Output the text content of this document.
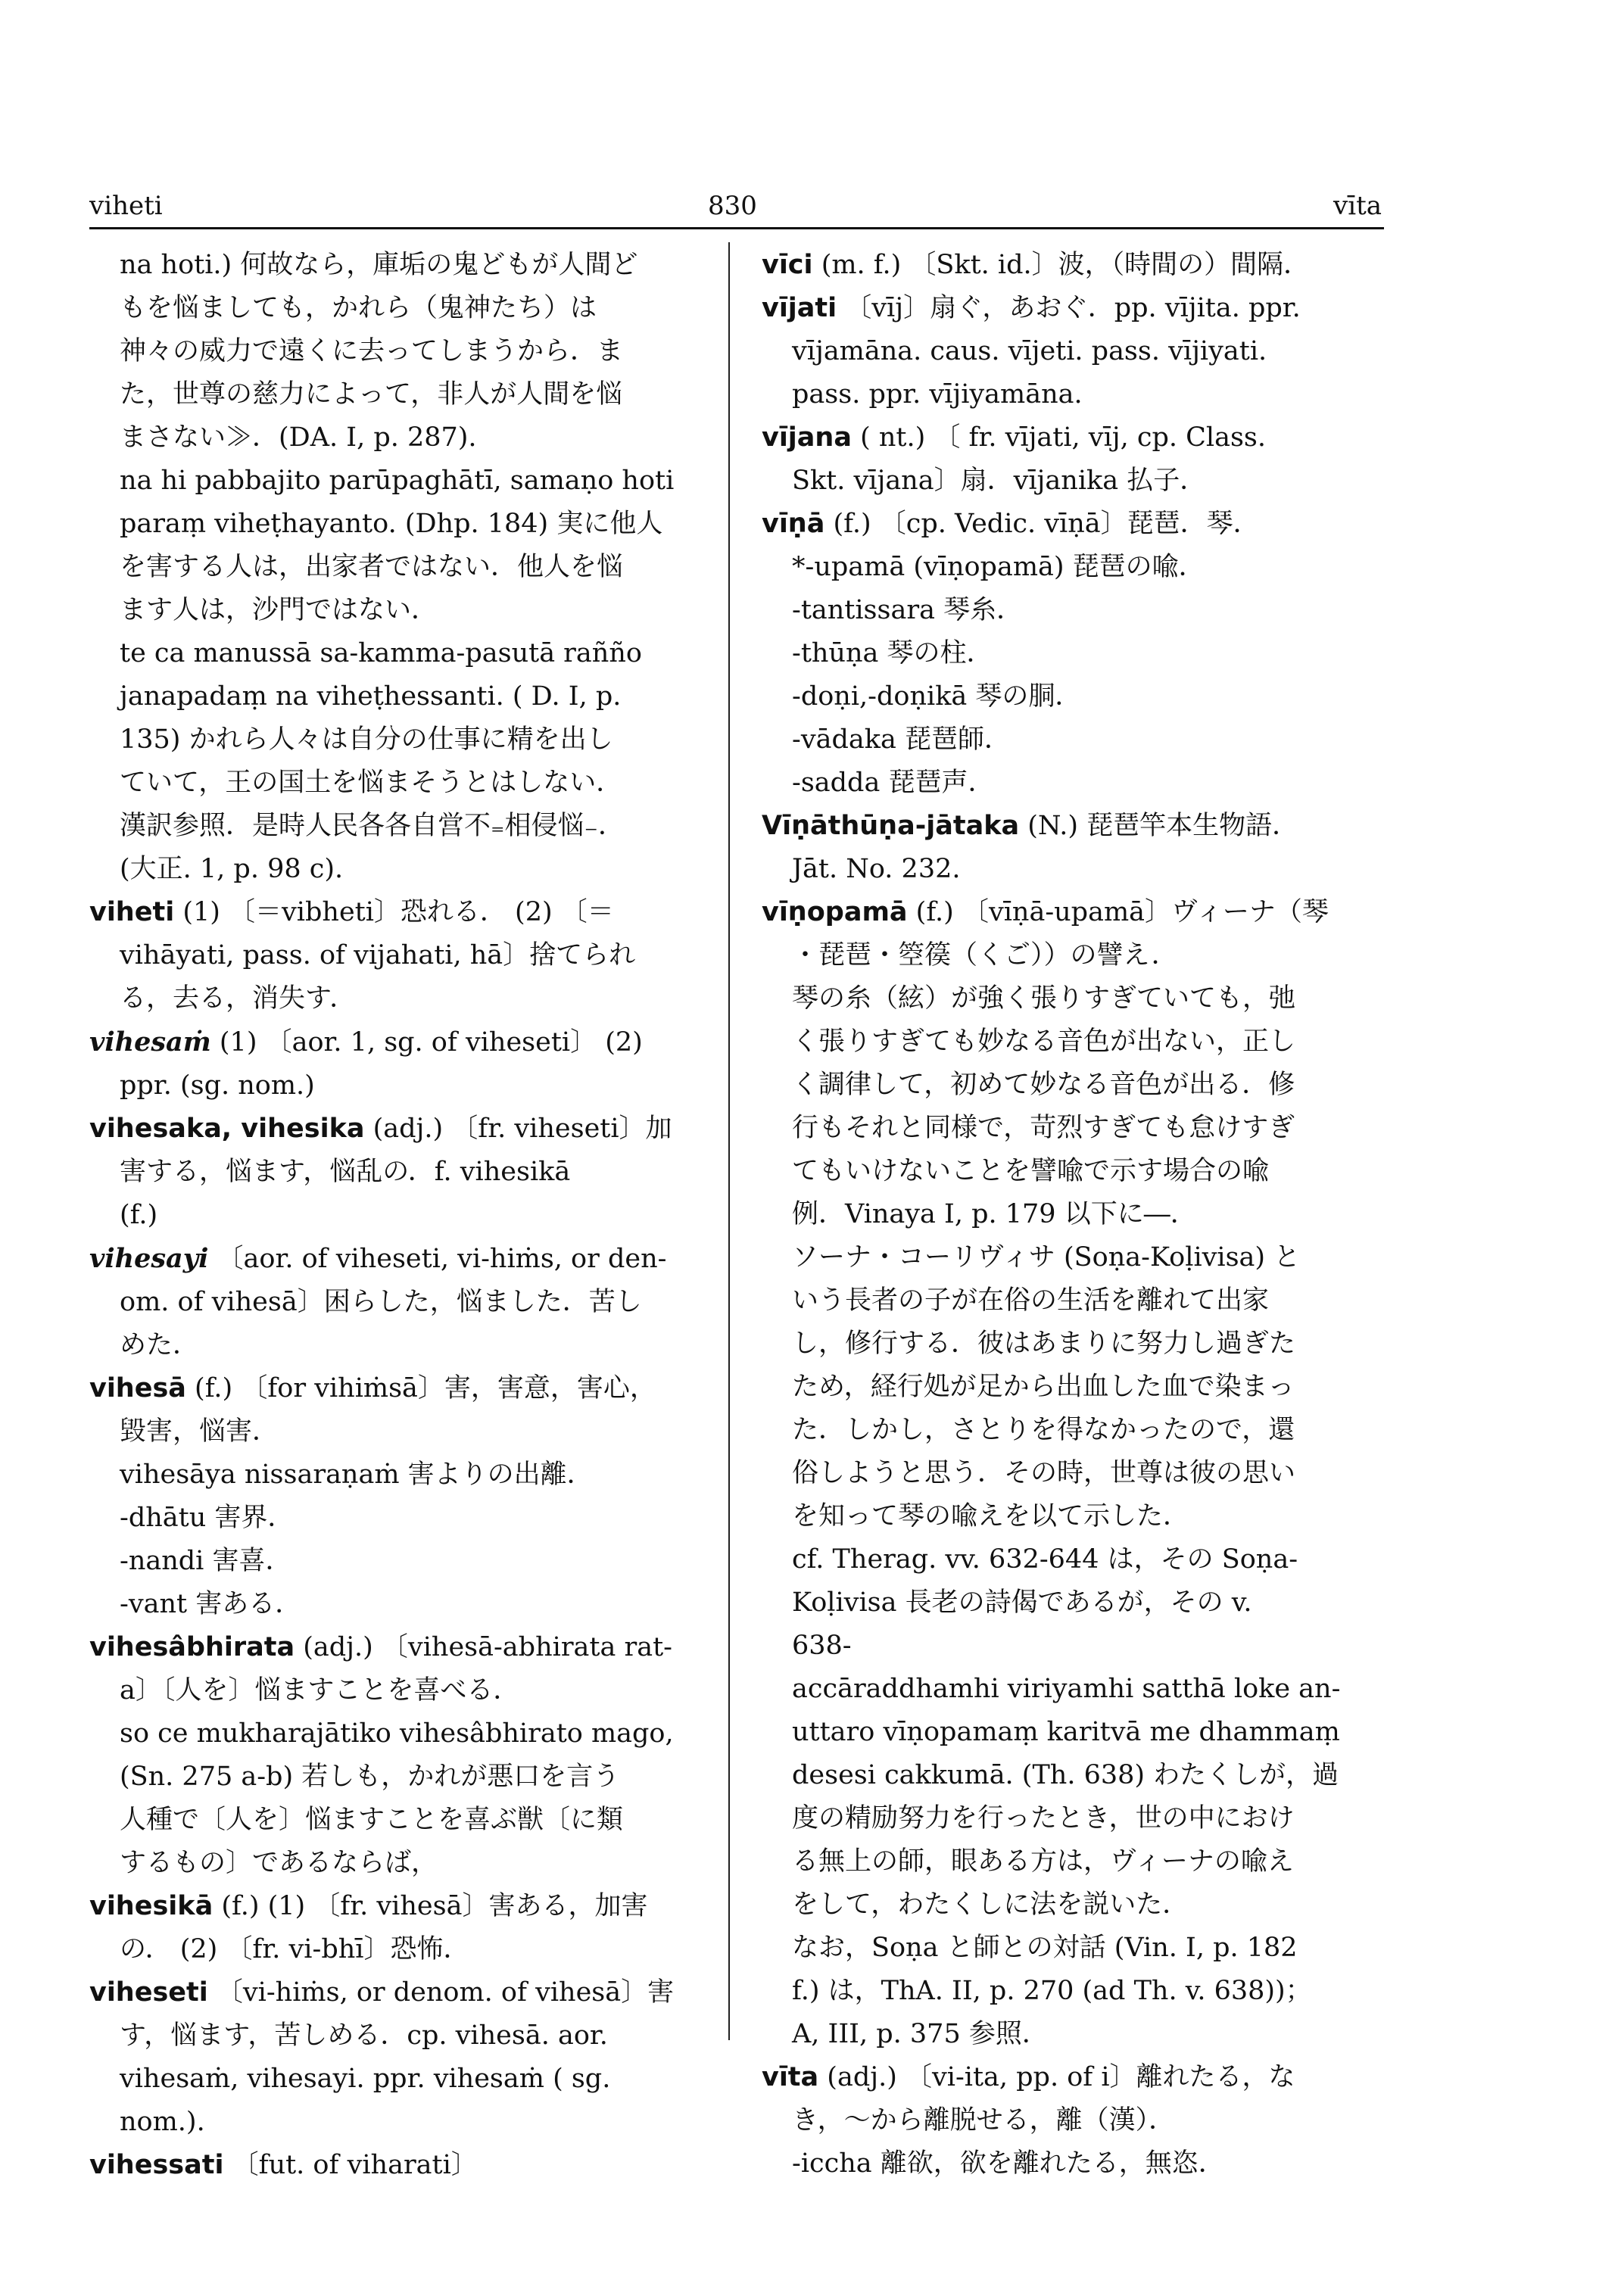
viheti	830	vīta

na hoti.) 何故なら，庫垢の鬼どもが人間ど

もを悩ましても，かれら（鬼神たち）は

神々の威力で遠くに去ってしまうから．ま

た，世尊の慈力によって，非人が人間を悩

まさない≫．(DA. I, p. 287).

na hi pabbajito parūpaghātī, samaṇo hoti

paraṃ viheṭhayanto. (Dhp. 184) 実に他人

を害する人は，出家者ではない．他人を悩

ます人は，沙門ではない．

te ca manussā sa-kamma-pasutā rañño

janapadaṃ na viheṭhessanti. ( D. I, p.

135) かれら人々は自分の仕事に精を出し

ていて，王の国土を悩まそうとはしない．

漢訳参照．是時人民各各自営不₌相侵悩₋．

(大正. 1, p. 98 c).

viheti (1) 〔＝vibheti〕恐れる． (2) 〔＝

vihāyati, pass. of vijahati, hā〕捨てられ

る，去る，消失す．

vihesaṁ (1) 〔aor. 1, sg. of viheseti〕 (2)

ppr. (sg. nom.)

vihesaka, vihesika (adj.) 〔fr. viheseti〕加

害する，悩ます，悩乱の．f. vihesikā

(f.)

vihesayi 〔aor. of viheseti, vi-hiṁs, or den-

om. of vihesā〕困らした，悩ました．苦し

めた．

vihesā (f.) 〔for vihiṁsā〕害，害意，害心，

毀害，悩害．

vihesāya nissaraṇaṁ 害よりの出離．

-dhātu 害界．

-nandi 害喜．

-vant 害ある．

vihesâbhirata (adj.) 〔vihesā-abhirata rat-

a〕〔人を〕悩ますことを喜べる．

so ce mukharajātiko vihesâbhirato mago,

(Sn. 275 a-b) 若しも，かれが悪口を言う

人種で〔人を〕悩ますことを喜ぶ獣〔に類

するもの〕であるならば，

vihesikā (f.) (1) 〔fr. vihesā〕害ある，加害

の． (2) 〔fr. vi-bhī〕恐怖．

viheseti 〔vi-hiṁs, or denom. of vihesā〕害

す，悩ます，苦しめる．cp. vihesā. aor.

vihesaṁ, vihesayi. ppr. vihesaṁ ( sg.

nom.).

vihessati 〔fut. of viharati〕

vīci (m. f.) 〔Skt. id.〕波，（時間の）間隔．

vījati 〔vīj〕扇ぐ，あおぐ．pp. vījita. ppr.

vījamāna. caus. vījeti. pass. vījiyati.

pass. ppr. vījiyamāna.

vījana ( nt.) 〔 fr. vījati, vīj, cp. Class.

Skt. vījana〕扇．vījanika 払子．

vīṇā (f.) 〔cp. Vedic. vīṇā〕琵琶．琴．

*-upamā (vīṇopamā) 琵琶の喩．

-tantissara 琴糸．

-thūṇa 琴の柱．

-doṇi,-doṇikā 琴の胴．

-vādaka 琵琶師．

-sadda 琵琶声．

Vīṇāthūṇa-jātaka (N.) 琵琶竿本生物語．

Jāt. No. 232.

vīṇopamā (f.) 〔vīṇā-upamā〕ヴィーナ（琴

・琵琶・箜篌（くご））の譬え．

琴の糸（絃）が強く張りすぎていても，弛

く張りすぎても妙なる音色が出ない，正し

く調律して，初めて妙なる音色が出る．修

行もそれと同様で，苛烈すぎても怠けすぎ

てもいけないことを譬喩で示す場合の喩

例．Vinaya I, p. 179 以下に―．

ソーナ・コーリヴィサ (Soṇa-Koḷivisa) と

いう長者の子が在俗の生活を離れて出家

し，修行する．彼はあまりに努力し過ぎた

ため，経行処が足から出血した血で染まっ

た．しかし，さとりを得なかったので，還

俗しようと思う．その時，世尊は彼の思い

を知って琴の喩えを以て示した．

cf. Therag. vv. 632-644 は，その Soṇa-

Koḷivisa 長老の詩偈であるが，その v.

638-

accāraddhamhi viriyamhi satthā loke an-

uttaro vīṇopamaṃ karitvā me dhammaṃ

desesi cakkumā. (Th. 638) わたくしが，過

度の精励努力を行ったとき，世の中におけ

る無上の師，眼ある方は，ヴィーナの喩え

をして，わたくしに法を説いた．

なお，Soṇa と師との対話 (Vin. I, p. 182

f.) は，ThA. II, p. 270 (ad Th. v. 638))；

A, III, p. 375 参照．

vīta (adj.) 〔vi-ita, pp. of i〕離れたる，な

き，～から離脱せる，離（漢）．

-iccha 離欲，欲を離れたる，無恣．
